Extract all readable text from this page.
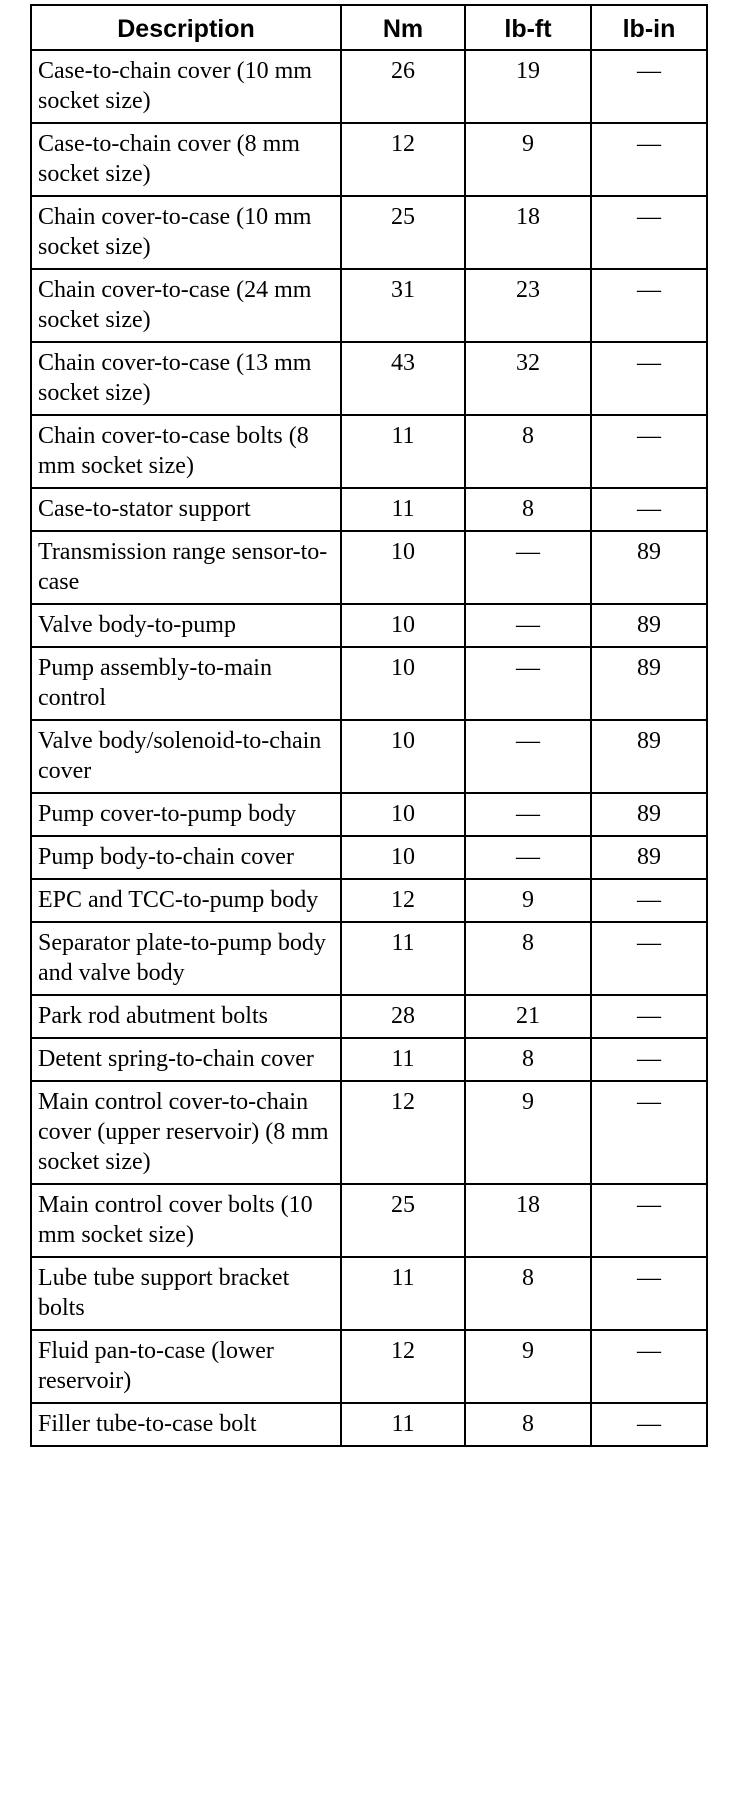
Description	Nm	lb-ft	lb-in
Case-to-chain cover (10 mm socket size)	26	19	—
Case-to-chain cover (8 mm socket size)	12	9	—
Chain cover-to-case (10 mm socket size)	25	18	—
Chain cover-to-case (24 mm socket size)	31	23	—
Chain cover-to-case (13 mm socket size)	43	32	—
Chain cover-to-case bolts (8 mm socket size)	11	8	—
Case-to-stator support	11	8	—
Transmission range sensor-to-case	10	—	89
Valve body-to-pump	10	—	89
Pump assembly-to-main control	10	—	89
Valve body/solenoid-to-chain cover	10	—	89
Pump cover-to-pump body	10	—	89
Pump body-to-chain cover	10	—	89
EPC and TCC-to-pump body	12	9	—
Separator plate-to-pump body and valve body	11	8	—
Park rod abutment bolts	28	21	—
Detent spring-to-chain cover	11	8	—
Main control cover-to-chain cover (upper reservoir) (8 mm socket size)	12	9	—
Main control cover bolts (10 mm socket size)	25	18	—
Lube tube support bracket bolts	11	8	—
Fluid pan-to-case (lower reservoir)	12	9	—
Filler tube-to-case bolt	11	8	—
